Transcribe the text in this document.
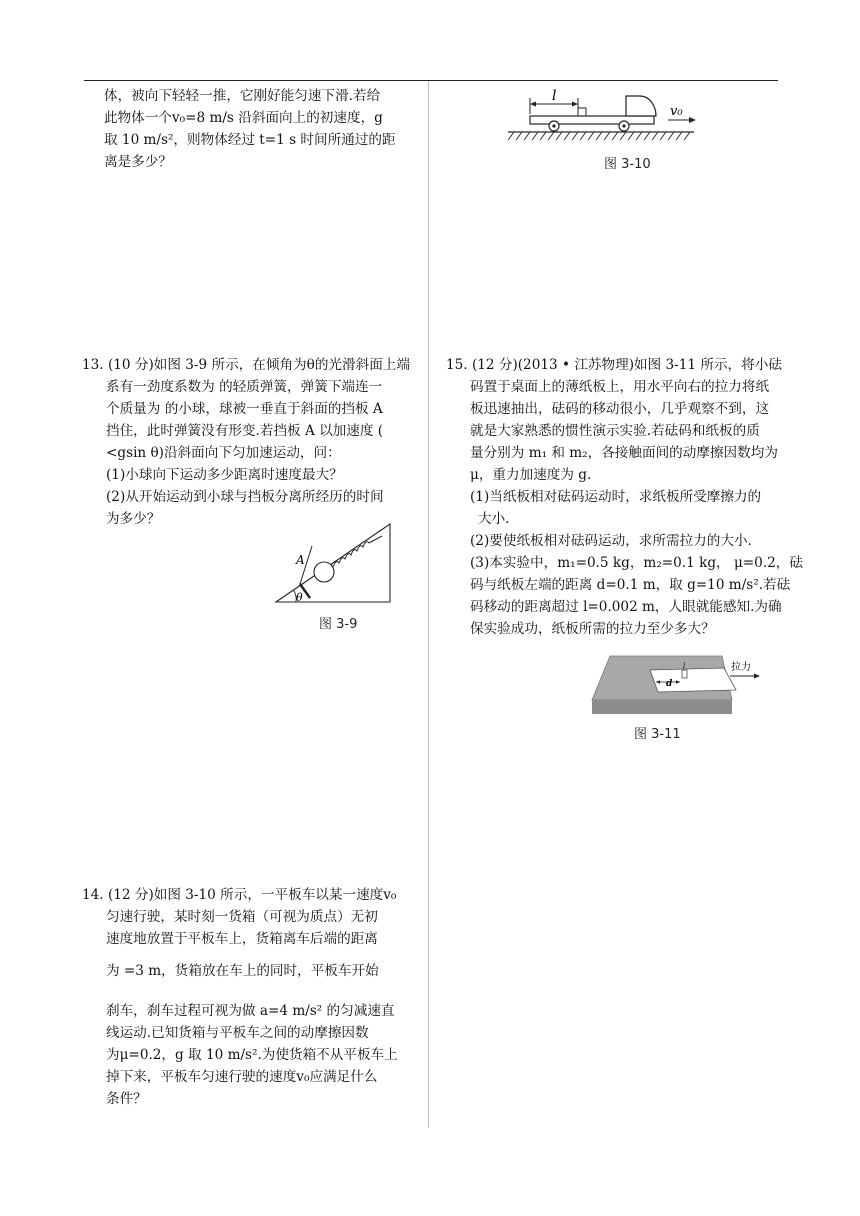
体，被向下轻轻一推，它刚好能匀速下滑.若给

此物体一个v₀=8 m/s 沿斜面向上的初速度，g

取 10 m/s²，则物体经过 t=1 s 时间所通过的距

离是多少？

l
v₀
图 3-10

13. (10 分)如图 3-9 所示，在倾角为θ的光滑斜面上端

系有一劲度系数为 的轻质弹簧，弹簧下端连一

个质量为 的小球，球被一垂直于斜面的挡板 A

挡住，此时弹簧没有形变.若挡板 A 以加速度 (

<gsin θ)沿斜面向下匀加速运动，问：

(1)小球向下运动多少距离时速度最大？

(2)从开始运动到小球与挡板分离所经历的时间

为多少？

A
θ
图 3-9

15. (12 分)(2013 • 江苏物理)如图 3-11 所示，将小砝

码置于桌面上的薄纸板上，用水平向右的拉力将纸

板迅速抽出，砝码的移动很小，几乎观察不到，这

就是大家熟悉的惯性演示实验.若砝码和纸板的质

量分别为 m₁ 和 m₂，各接触面间的动摩擦因数均为

μ，重力加速度为 g.

(1)当纸板相对砝码运动时，求纸板所受摩擦力的

大小.

(2)要使纸板相对砝码运动，求所需拉力的大小.

(3)本实验中，m₁=0.5 kg，m₂=0.1 kg， μ=0.2，砝

码与纸板左端的距离 d=0.1 m，取 g=10 m/s².若砝

码移动的距离超过 l=0.002 m，人眼就能感知.为确

保实验成功，纸板所需的拉力至少多大？

d
l	拉力
图 3-11

14. (12 分)如图 3-10 所示，一平板车以某一速度v₀

匀速行驶，某时刻一货箱（可视为质点）无初

速度地放置于平板车上，货箱离车后端的距离

为 =3 m，货箱放在车上的同时，平板车开始

刹车，刹车过程可视为做 a=4 m/s² 的匀减速直

线运动.已知货箱与平板车之间的动摩擦因数

为μ=0.2，g 取 10 m/s².为使货箱不从平板车上

掉下来，平板车匀速行驶的速度v₀应满足什么

条件？
